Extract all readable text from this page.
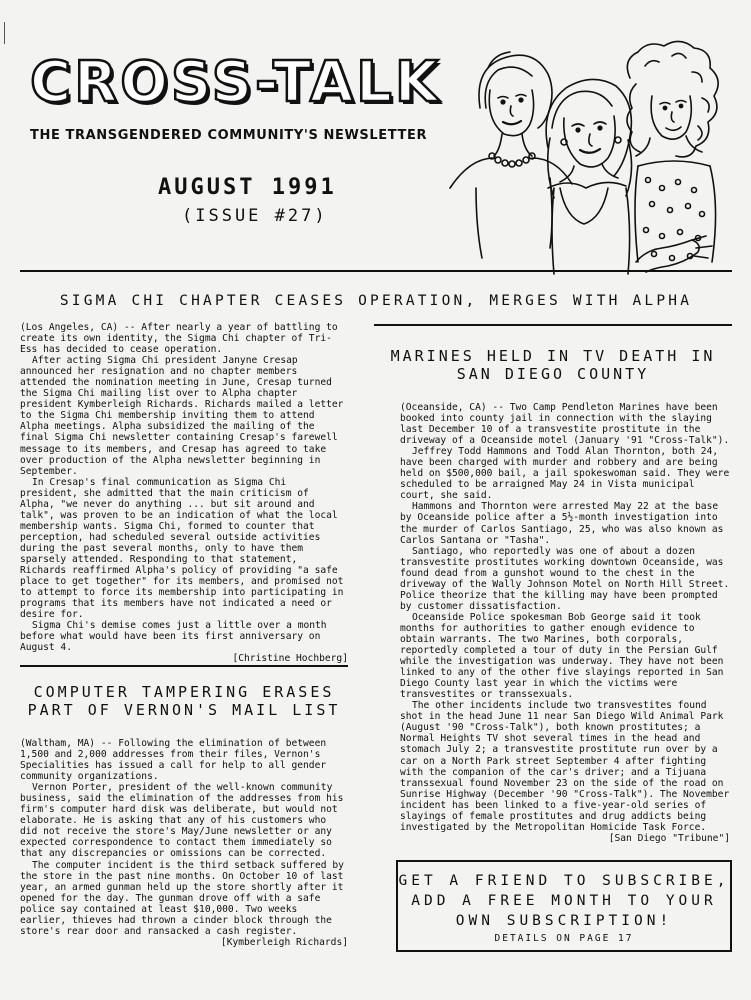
CROSS-TALK
THE TRANSGENDERED COMMUNITY'S NEWSLETTER
AUGUST 1991
(ISSUE #27)
SIGMA CHI CHAPTER CEASES OPERATION, MERGES WITH ALPHA

(Los Angeles, CA) -- After nearly a year of battling to create its own identity, the Sigma Chi chapter of Tri-Ess has decided to cease operation.

After acting Sigma Chi president Janyne Cresap announced her resignation and no chapter members attended the nomination meeting in June, Cresap turned the Sigma Chi mailing list over to Alpha chapter president Kymberleigh Richards. Richards mailed a letter to the Sigma Chi membership inviting them to attend Alpha meetings. Alpha subsidized the mailing of the final Sigma Chi newsletter containing Cresap's farewell message to its members, and Cresap has agreed to take over production of the Alpha newsletter beginning in September.

In Cresap's final communication as Sigma Chi president, she admitted that the main criticism of Alpha, "we never do anything ... but sit around and talk", was proven to be an indication of what the local membership wants. Sigma Chi, formed to counter that perception, had scheduled several outside activities during the past several months, only to have them sparsely attended. Responding to that statement, Richards reaffirmed Alpha's policy of providing "a safe place to get together" for its members, and promised not to attempt to force its membership into participating in programs that its members have not indicated a need or desire for.

Sigma Chi's demise comes just a little over a month before what would have been its first anniversary on August 4.

[Christine Hochberg]

COMPUTER TAMPERING ERASES
PART OF VERNON'S MAIL LIST

(Waltham, MA) -- Following the elimination of between 1,500 and 2,000 addresses from their files, Vernon's Specialities has issued a call for help to all gender community organizations.

Vernon Porter, president of the well-known community business, said the elimination of the addresses from his firm's computer hard disk was deliberate, but would not elaborate. He is asking that any of his customers who did not receive the store's May/June newsletter or any expected correspondence to contact them immediately so that any discrepancies or omissions can be corrected.

The computer incident is the third setback suffered by the store in the past nine months. On October 10 of last year, an armed gunman held up the store shortly after it opened for the day. The gunman drove off with a safe police say contained at least $10,000. Two weeks earlier, thieves had thrown a cinder block through the store's rear door and ransacked a cash register.

[Kymberleigh Richards]

MARINES HELD IN TV DEATH IN
SAN DIEGO COUNTY

(Oceanside, CA) -- Two Camp Pendleton Marines have been booked into county jail in connection with the slaying last December 10 of a transvestite prostitute in the driveway of a Oceanside motel (January '91 "Cross-Talk").

Jeffrey Todd Hammons and Todd Alan Thornton, both 24, have been charged with murder and robbery and are being held on $500,000 bail, a jail spokeswoman said. They were scheduled to be arraigned May 24 in Vista municipal court, she said.

Hammons and Thornton were arrested May 22 at the base by Oceanside police after a 5½-month investigation into the murder of Carlos Santiago, 25, who was also known as Carlos Santana or "Tasha".

Santiago, who reportedly was one of about a dozen transvestite prostitutes working downtown Oceanside, was found dead from a gunshot wound to the chest in the driveway of the Wally Johnson Motel on North Hill Street. Police theorize that the killing may have been prompted by customer dissatisfaction.

Oceanside Police spokesman Bob George said it took months for authorities to gather enough evidence to obtain warrants. The two Marines, both corporals, reportedly completed a tour of duty in the Persian Gulf while the investigation was underway. They have not been linked to any of the other five slayings reported in San Diego County last year in which the victims were transvestites or transsexuals.

The other incidents include two transvestites found shot in the head June 11 near San Diego Wild Animal Park (August '90 "Cross-Talk"), both known prostitutes; a Normal Heights TV shot several times in the head and stomach July 2; a transvestite prostitute run over by a car on a North Park street September 4 after fighting with the companion of the car's driver; and a Tijuana transsexual found November 23 on the side of the road on Sunrise Highway (December '90 "Cross-Talk"). The November incident has been linked to a five-year-old series of slayings of female prostitutes and drug addicts being investigated by the Metropolitan Homicide Task Force.

[San Diego "Tribune"]

GET A FRIEND TO SUBSCRIBE,
ADD A FREE MONTH TO YOUR
OWN SUBSCRIPTION!
DETAILS ON PAGE 17
